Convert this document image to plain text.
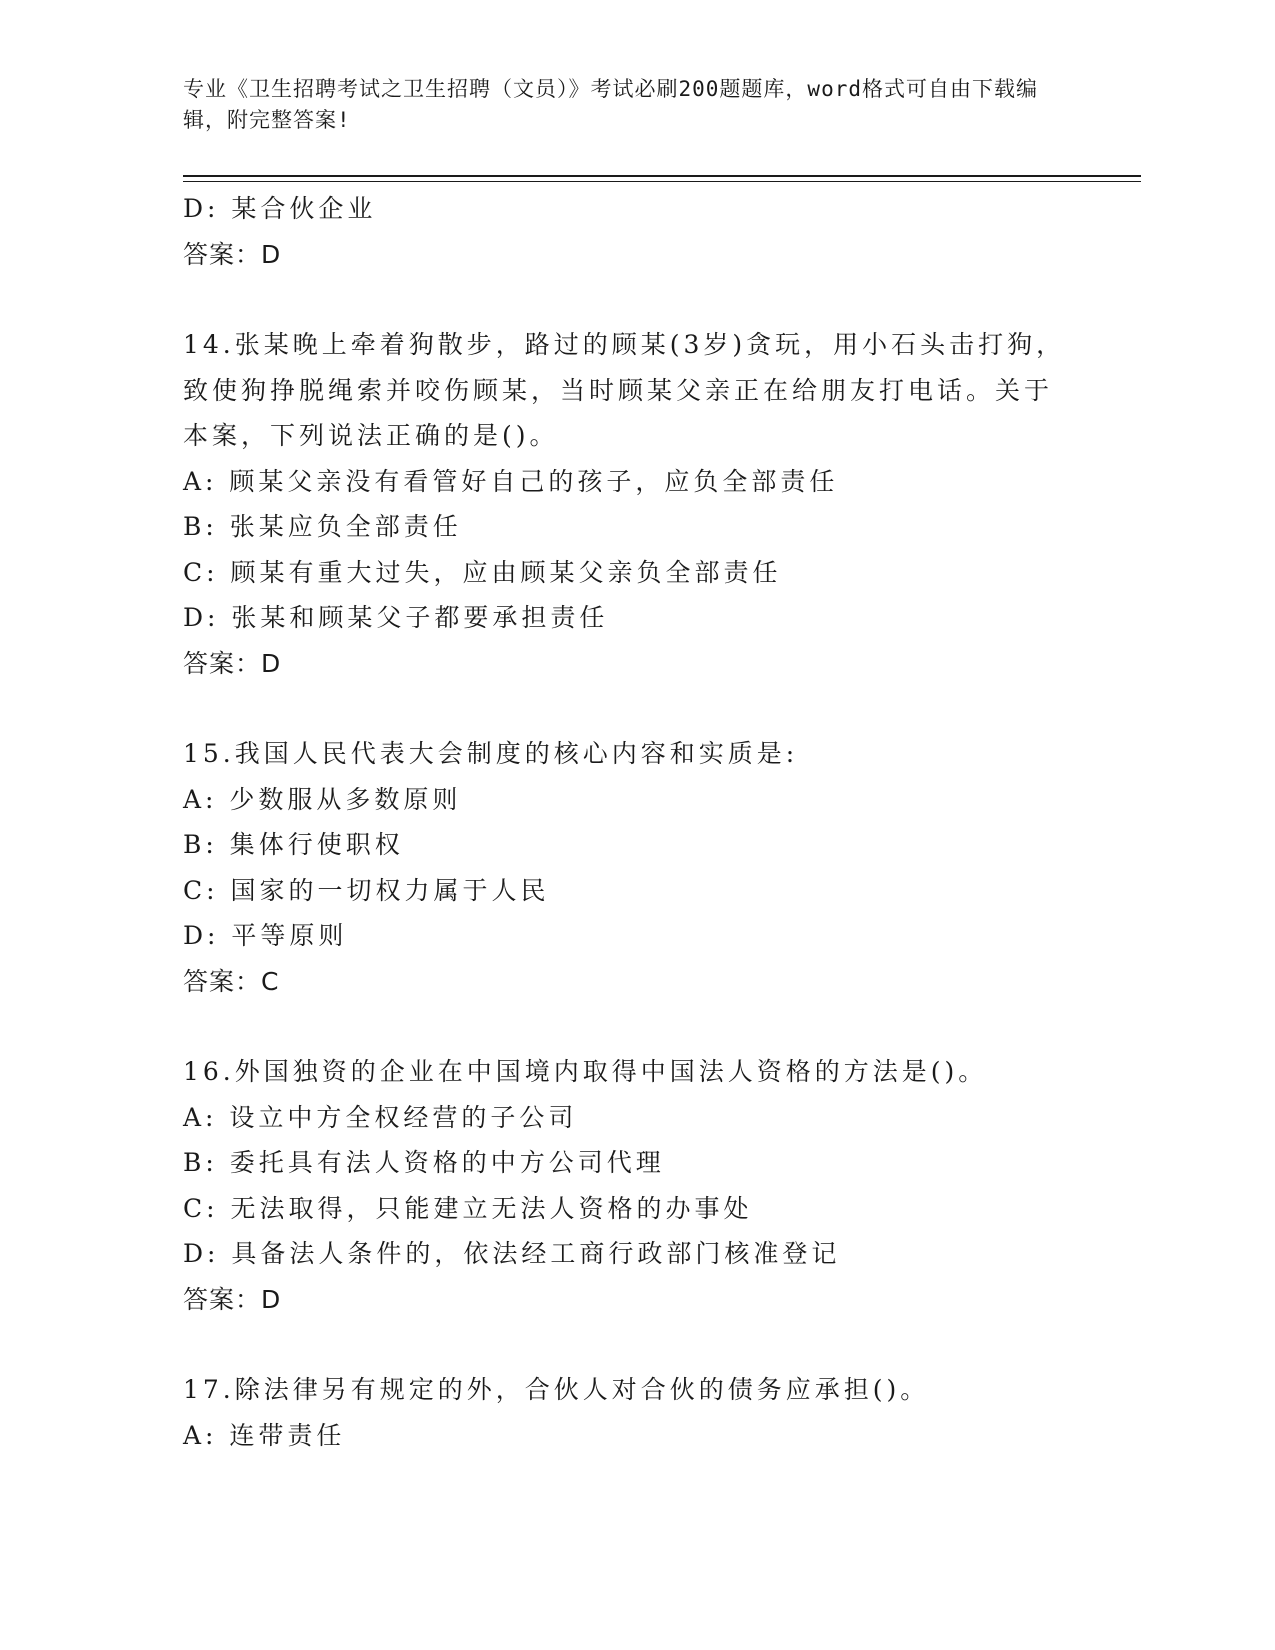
专业《卫生招聘考试之卫生招聘（文员）》考试必刷200题题库，word格式可自由下载编辑，附完整答案!
D: 某合伙企业
答案：D
14.张某晚上牵着狗散步，路过的顾某(3岁)贪玩，用小石头击打狗，
致使狗挣脱绳索并咬伤顾某，当时顾某父亲正在给朋友打电话。关于
本案，下列说法正确的是()。
A: 顾某父亲没有看管好自己的孩子，应负全部责任
B: 张某应负全部责任
C: 顾某有重大过失，应由顾某父亲负全部责任
D: 张某和顾某父子都要承担责任
答案：D
15.我国人民代表大会制度的核心内容和实质是:
A: 少数服从多数原则
B: 集体行使职权
C: 国家的一切权力属于人民
D: 平等原则
答案：C
16.外国独资的企业在中国境内取得中国法人资格的方法是()。
A: 设立中方全权经营的子公司
B: 委托具有法人资格的中方公司代理
C: 无法取得，只能建立无法人资格的办事处
D: 具备法人条件的，依法经工商行政部门核准登记
答案：D
17.除法律另有规定的外，合伙人对合伙的债务应承担()。
A: 连带责任
